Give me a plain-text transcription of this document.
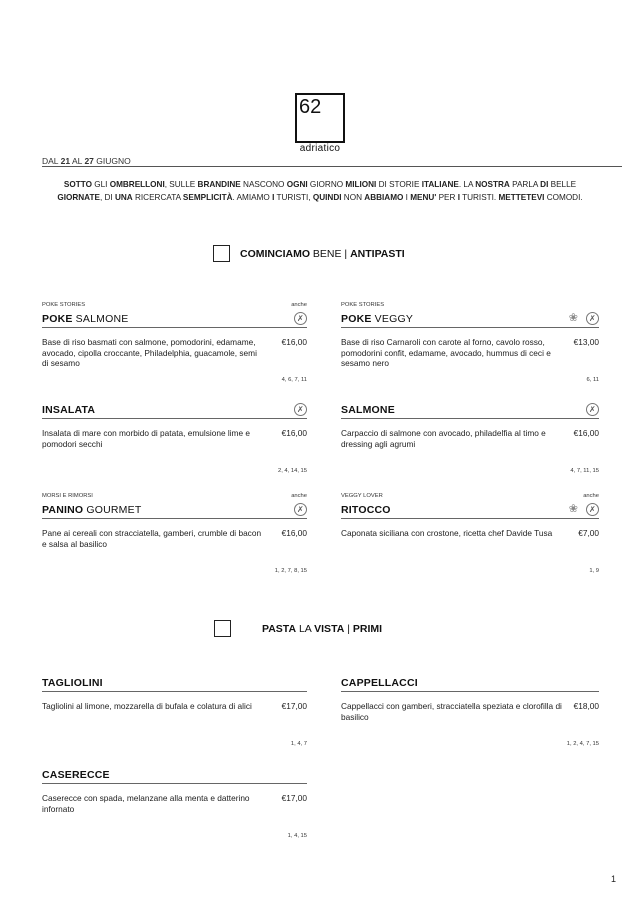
62
adriatico
DAL 21 AL 27 GIUGNO
SOTTO GLI OMBRELLONI, SULLE BRANDINE NASCONO OGNI GIORNO MILIONI DI STORIE ITALIANE. LA NOSTRA PARLA DI BELLE GIORNATE, DI UNA RICERCATA SEMPLICITÀ. AMIAMO I TURISTI, QUINDI NON ABBIAMO I MENU' PER I TURISTI. METTETEVI COMODI.
COMINCIAMO BENE | ANTIPASTI
POKE STORIES	anche
POKE SALMONE	✗
Base di riso basmati con salmone, pomodorini, edamame, avocado, cipolla croccante, Philadelphia, guacamole, semi di sesamo
€16,00
4, 6, 7, 11
POKE STORIES
POKE VEGGY	❀	✗
Base di riso Carnaroli con carote al forno, cavolo rosso, pomodorini confit, edamame, avocado, hummus di ceci e sesamo nero
€13,00
6, 11
INSALATA	✗
Insalata di mare con morbido di patata, emulsione lime e pomodori secchi
€16,00
2, 4, 14, 15
SALMONE	✗
Carpaccio di salmone con avocado, philadelfia al timo e dressing agli agrumi
€16,00
4, 7, 11, 15
MORSI E RIMORSI	anche
PANINO GOURMET	✗
Pane ai cereali con stracciatella, gamberi, crumble di bacon e salsa al basilico
€16,00
1, 2, 7, 8, 15
VEGGY LOVER	anche
RITOCCO	❀	✗
Caponata siciliana con crostone, ricetta chef Davide Tusa	€7,00
1, 9
PASTA LA VISTA | PRIMI
TAGLIOLINI
Tagliolini al limone, mozzarella di bufala e colatura di alici	€17,00
1, 4, 7
CAPPELLACCI
Cappellacci con gamberi, stracciatella speziata e clorofilla di basilico
€18,00
1, 2, 4, 7, 15
CASERECCE
Caserecce con spada, melanzane alla menta e datterino infornato
€17,00
1, 4, 15
1
